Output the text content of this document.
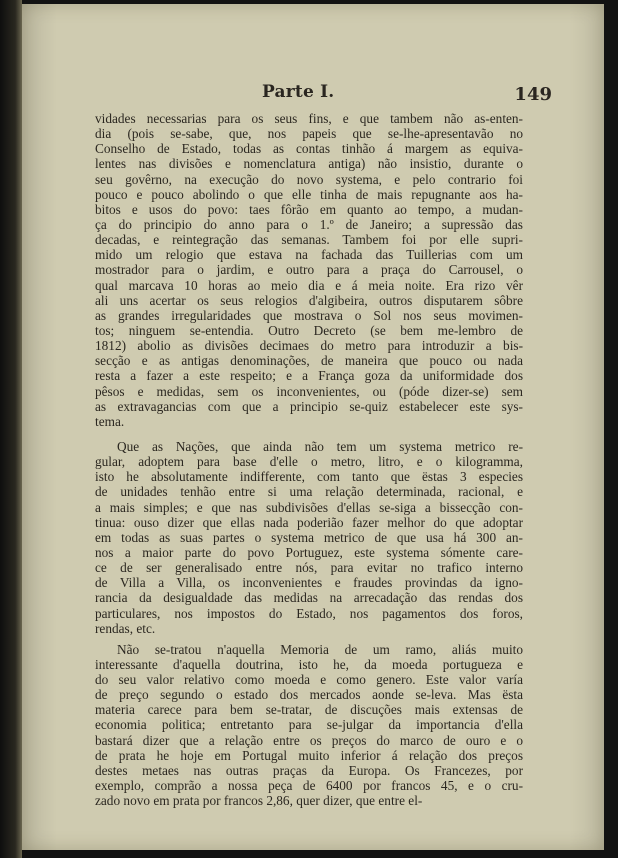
Parte I.	149
vidades necessarias para os seus fins, e que tambem não as-enten-
dia (pois se-sabe, que, nos papeis que se-lhe-apresentavão no
Conselho de Estado, todas as contas tinhão á margem as equiva-
lentes nas divisões e nomenclatura antiga) não insistio, durante o
seu govêrno, na execução do novo systema, e pelo contrario foi
pouco e pouco abolindo o que elle tinha de mais repugnante aos ha-
bitos e usos do povo: taes fôrão em quanto ao tempo, a mudan-
ça do principio do anno para o 1.º de Janeiro; a supressão das
decadas, e reintegração das semanas. Tambem foi por elle supri-
mido um relogio que estava na fachada das Tuillerias com um
mostrador para o jardim, e outro para a praça do Carrousel, o
qual marcava 10 horas ao meio dia e á meia noite. Era rizo vêr
ali uns acertar os seus relogios d'algibeira, outros disputarem sôbre
as grandes irregularidades que mostrava o Sol nos seus movimen-
tos; ninguem se-entendia. Outro Decreto (se bem me-lembro de
1812) abolio as divisões decimaes do metro para introduzir a bis-
secção e as antigas denominações, de maneira que pouco ou nada
resta a fazer a este respeito; e a França goza da uniformidade dos
pêsos e medidas, sem os inconvenientes, ou (póde dizer-se) sem
as extravagancias com que a principio se-quiz estabelecer este sys-
tema.
Que as Nações, que ainda não tem um systema metrico re-
gular, adoptem para base d'elle o metro, litro, e o kilogramma,
isto he absolutamente indifferente, com tanto que ëstas 3 especies
de unidades tenhão entre si uma relação determinada, racional, e
a mais simples; e que nas subdivisões d'ellas se-siga a bissecção con-
tinua: ouso dizer que ellas nada poderião fazer melhor do que adoptar
em todas as suas partes o systema metrico de que usa há 300 an-
nos a maior parte do povo Portuguez, este systema sómente care-
ce de ser generalisado entre nós, para evitar no trafico interno
de Villa a Villa, os inconvenientes e fraudes provindas da igno-
rancia da desigualdade das medidas na arrecadação das rendas dos
particulares, nos impostos do Estado, nos pagamentos dos foros,
rendas, etc.
Não se-tratou n'aquella Memoria de um ramo, aliás muito
interessante d'aquella doutrina, isto he, da moeda portugueza e
do seu valor relativo como moeda e como genero. Este valor varía
de preço segundo o estado dos mercados aonde se-leva. Mas ësta
materia carece para bem se-tratar, de discuções mais extensas de
economia politica; entretanto para se-julgar da importancia d'ella
bastará dizer que a relação entre os preços do marco de ouro e o
de prata he hoje em Portugal muito inferior á relação dos preços
destes metaes nas outras praças da Europa. Os Francezes, por
exemplo, comprão a nossa peça de 6400 por francos 45, e o cru-
zado novo em prata por francos 2,86, quer dizer, que entre el-
